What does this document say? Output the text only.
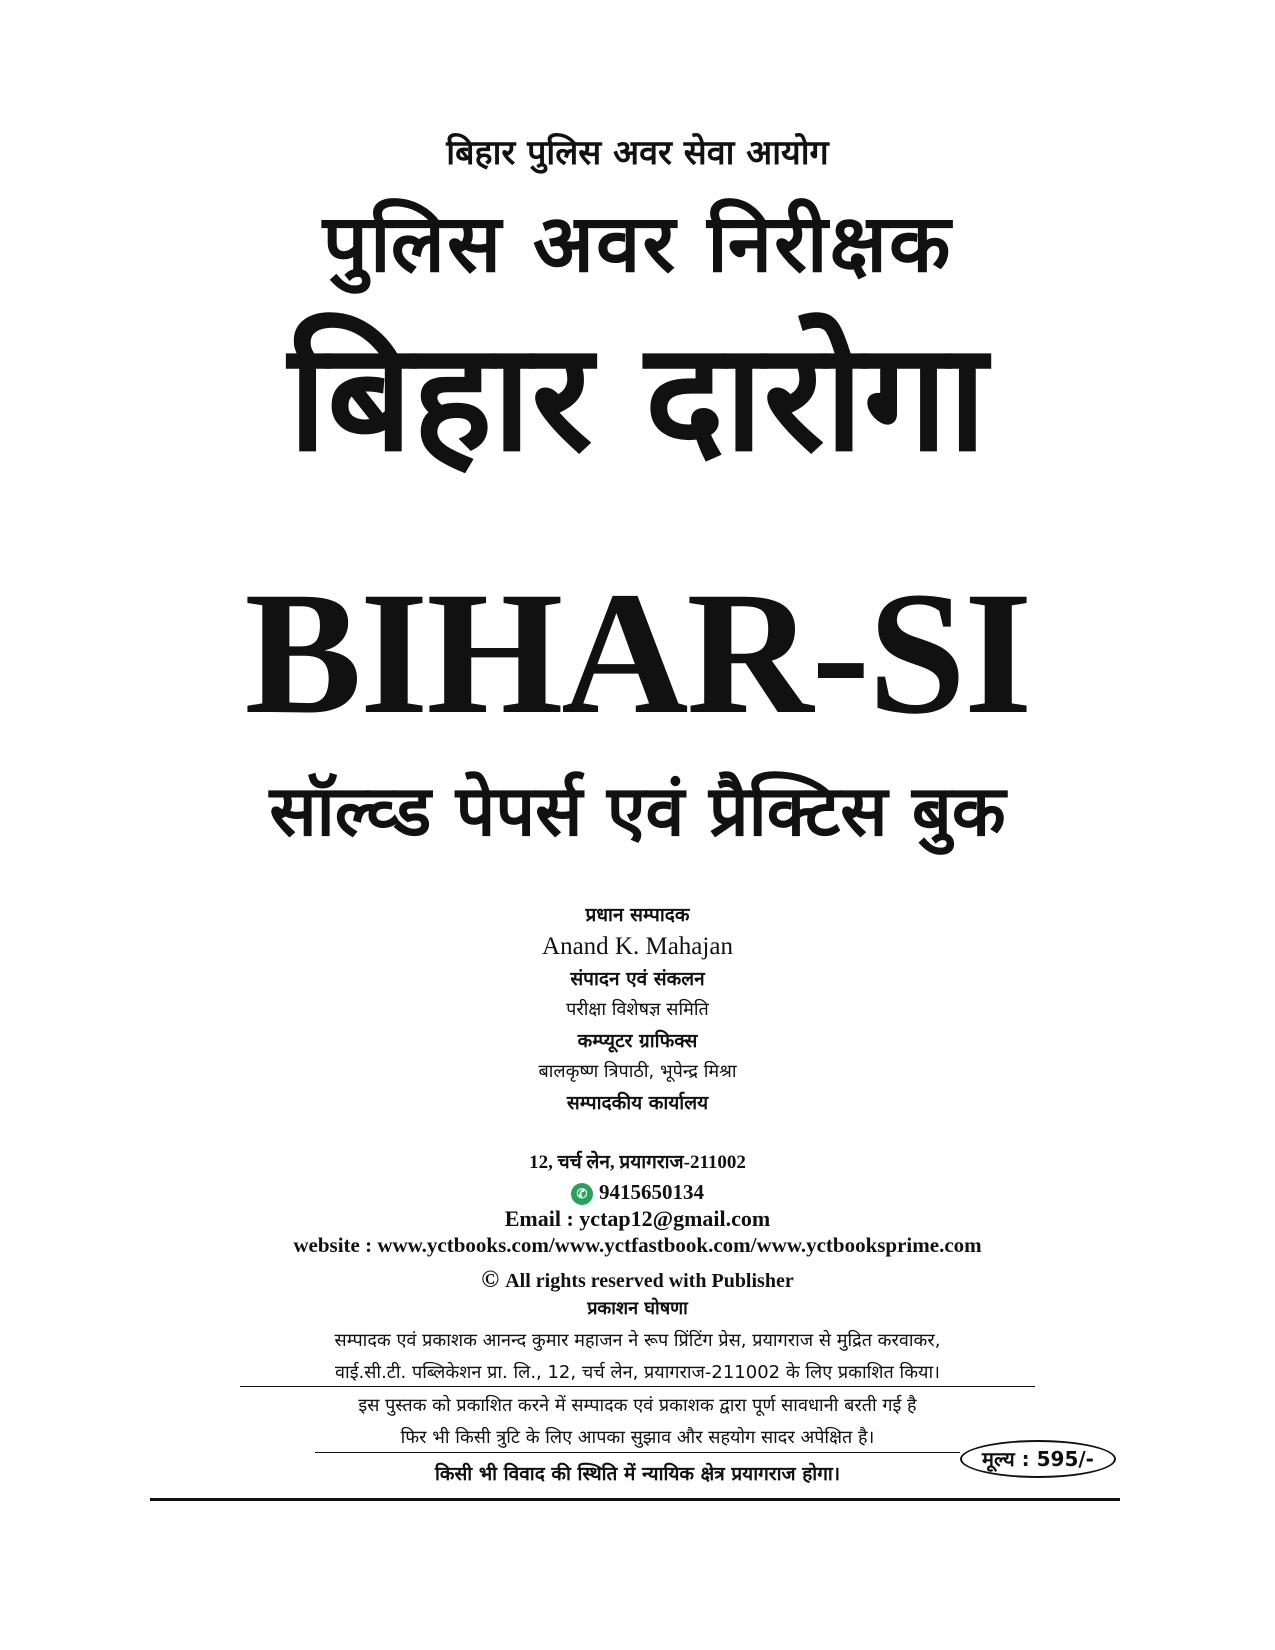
बिहार पुलिस अवर सेवा आयोग
पुलिस अवर निरीक्षक
बिहार दारोगा
BIHAR-SI
सॉल्व्ड पेपर्स एवं प्रैक्टिस बुक
प्रधान सम्पादक
Anand K. Mahajan
संपादन एवं संकलन
परीक्षा विशेषज्ञ समिति
कम्प्यूटर ग्राफिक्स
बालकृष्ण त्रिपाठी, भूपेन्द्र मिश्रा
सम्पादकीय कार्यालय
12, चर्च लेन, प्रयागराज-211002
✆ 9415650134
Email : yctap12@gmail.com
website : www.yctbooks.com/www.yctfastbook.com/www.yctbooksprime.com
© All rights reserved with Publisher
प्रकाशन घोषणा
सम्पादक एवं प्रकाशक आनन्द कुमार महाजन ने रूप प्रिंटिंग प्रेस, प्रयागराज से मुद्रित करवाकर,
वाई.सी.टी. पब्लिकेशन प्रा. लि., 12, चर्च लेन, प्रयागराज-211002 के लिए प्रकाशित किया।
इस पुस्तक को प्रकाशित करने में सम्पादक एवं प्रकाशक द्वारा पूर्ण सावधानी बरती गई है
फिर भी किसी त्रुटि के लिए आपका सुझाव और सहयोग सादर अपेक्षित है।
किसी भी विवाद की स्थिति में न्यायिक क्षेत्र प्रयागराज होगा।
मूल्य : 595/-
